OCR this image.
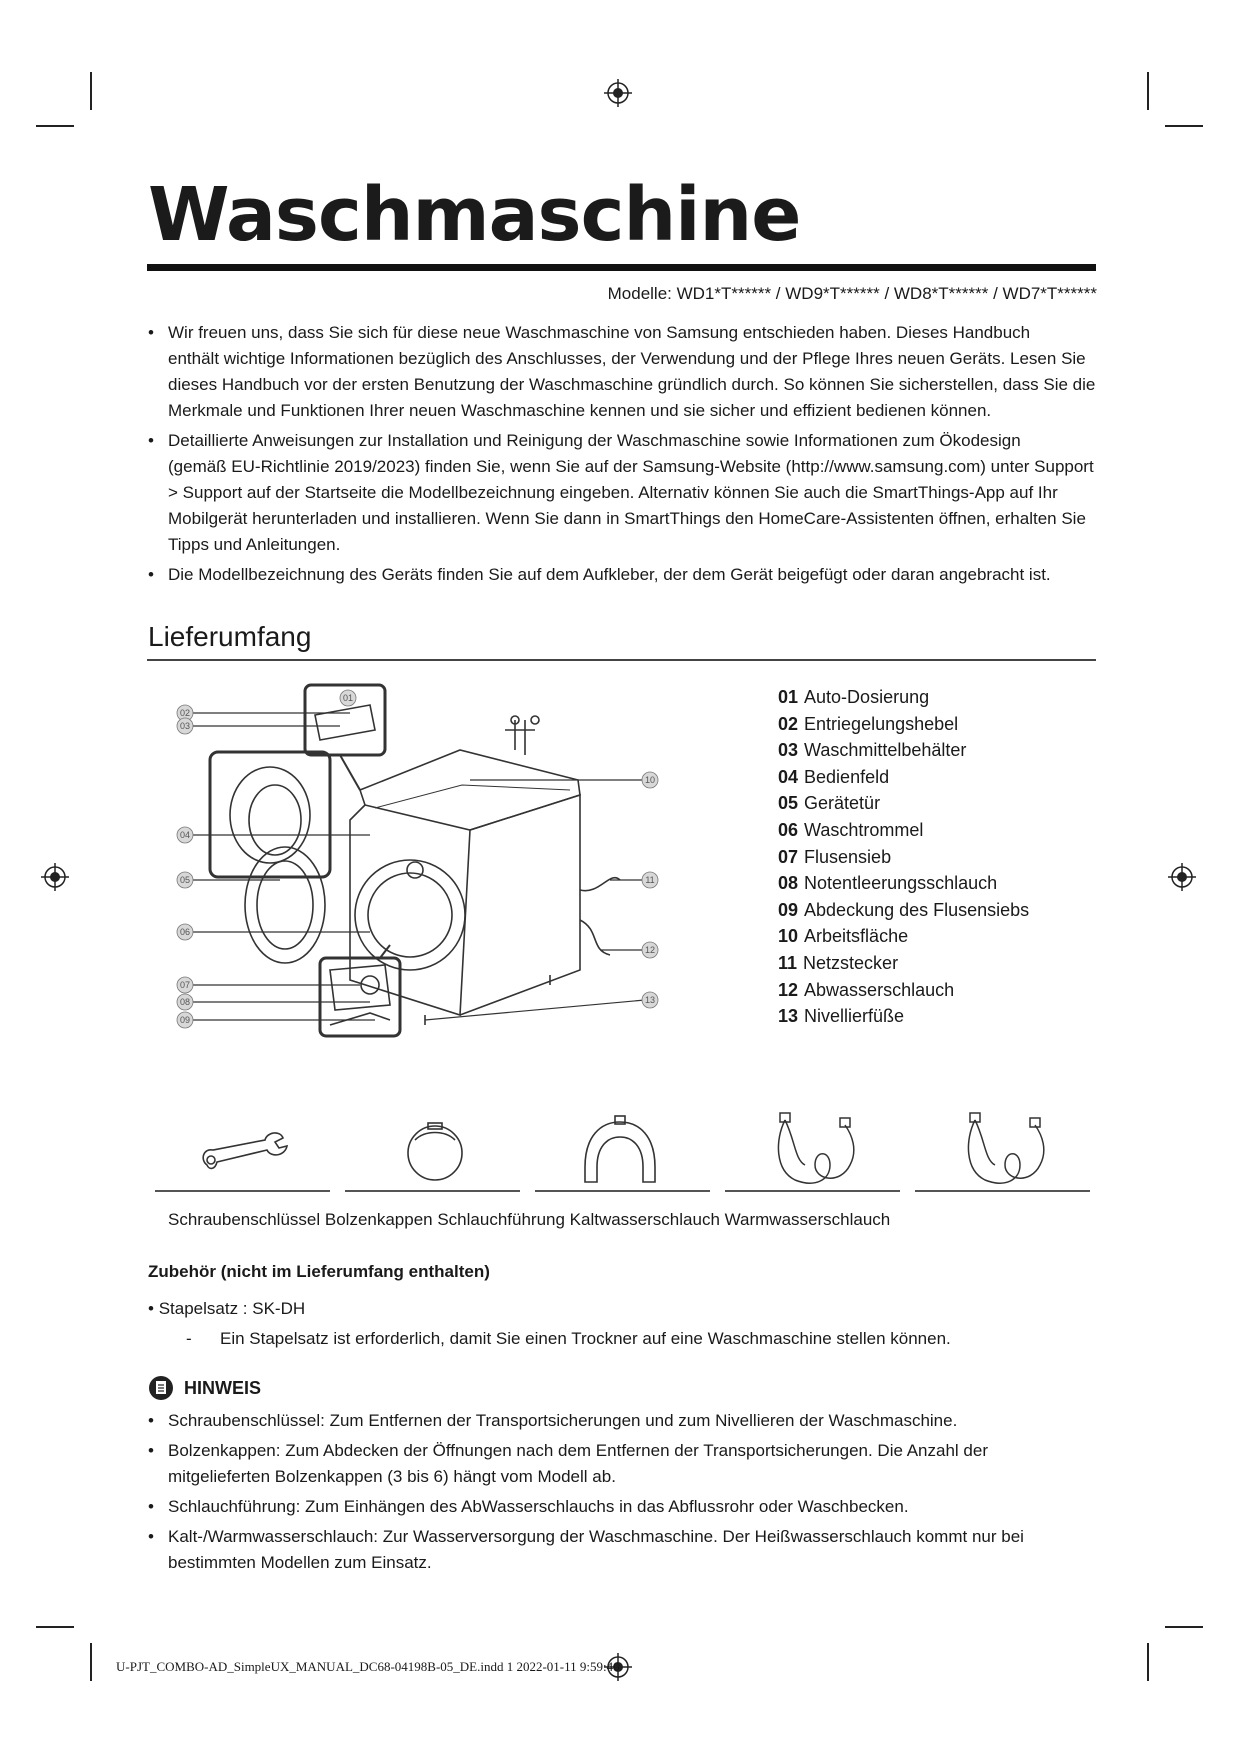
Waschmaschine
Modelle: WD1*T****** / WD9*T****** / WD8*T****** / WD7*T******
• Wir freuen uns, dass Sie sich für diese neue Waschmaschine von Samsung entschieden haben. Dieses Handbuch
enthält wichtige Informationen bezüglich des Anschlusses, der Verwendung und der Pflege Ihres neuen Geräts. Lesen Sie dieses Handbuch vor der ersten Benutzung der Waschmaschine gründlich durch. So können Sie sicherstellen, dass Sie die Merkmale und Funktionen Ihrer neuen Waschmaschine kennen und sie sicher und effizient bedienen können.
• Detaillierte Anweisungen zur Installation und Reinigung der Waschmaschine sowie Informationen zum Ökodesign
(gemäß EU-Richtlinie 2019/2023) finden Sie, wenn Sie auf der Samsung-Website (http://www.samsung.com) unter Support > Support auf der Startseite die Modellbezeichnung eingeben. Alternativ können Sie auch die SmartThings-App auf Ihr Mobilgerät herunterladen und installieren. Wenn Sie dann in SmartThings den HomeCare-Assistenten öffnen, erhalten Sie Tipps und Anleitungen.
• Die Modellbezeichnung des Geräts finden Sie auf dem Aufkleber, der dem Gerät beigefügt oder daran angebracht ist.
Lieferumfang
01
02
03
04
05
06
07
08
09
10
11
12
13
01 Auto-Dosierung
02 Entriegelungshebel
03 Waschmittelbehälter
04 Bedienfeld
05 Gerätetür
06 Waschtrommel
07 Flusensieb
08 Notentleerungsschlauch
09 Abdeckung des Flusensiebs
10 Arbeitsfläche
11 Netzstecker
12 Abwasserschlauch
13 Nivellierfüße
Schraubenschlüssel Bolzenkappen Schlauchführung Kaltwasserschlauch Warmwasserschlauch
Zubehör (nicht im Lieferumfang enthalten)
• Stapelsatz : SK-DH
-      Ein Stapelsatz ist erforderlich, damit Sie einen Trockner auf eine Waschmaschine stellen können.
HINWEIS
• Schraubenschlüssel: Zum Entfernen der Transportsicherungen und zum Nivellieren der Waschmaschine.
• Bolzenkappen: Zum Abdecken der Öffnungen nach dem Entfernen der Transportsicherungen. Die Anzahl der
mitgelieferten Bolzenkappen (3 bis 6) hängt vom Modell ab.
• Schlauchführung: Zum Einhängen des AbWasserschlauchs in das Abflussrohr oder Waschbecken.
• Kalt-/Warmwasserschlauch: Zur Wasserversorgung der Waschmaschine. Der Heißwasserschlauch kommt nur bei
bestimmten Modellen zum Einsatz.
U-PJT_COMBO-AD_SimpleUX_MANUAL_DC68-04198B-05_DE.indd 1 2022-01-11 9:59:40
